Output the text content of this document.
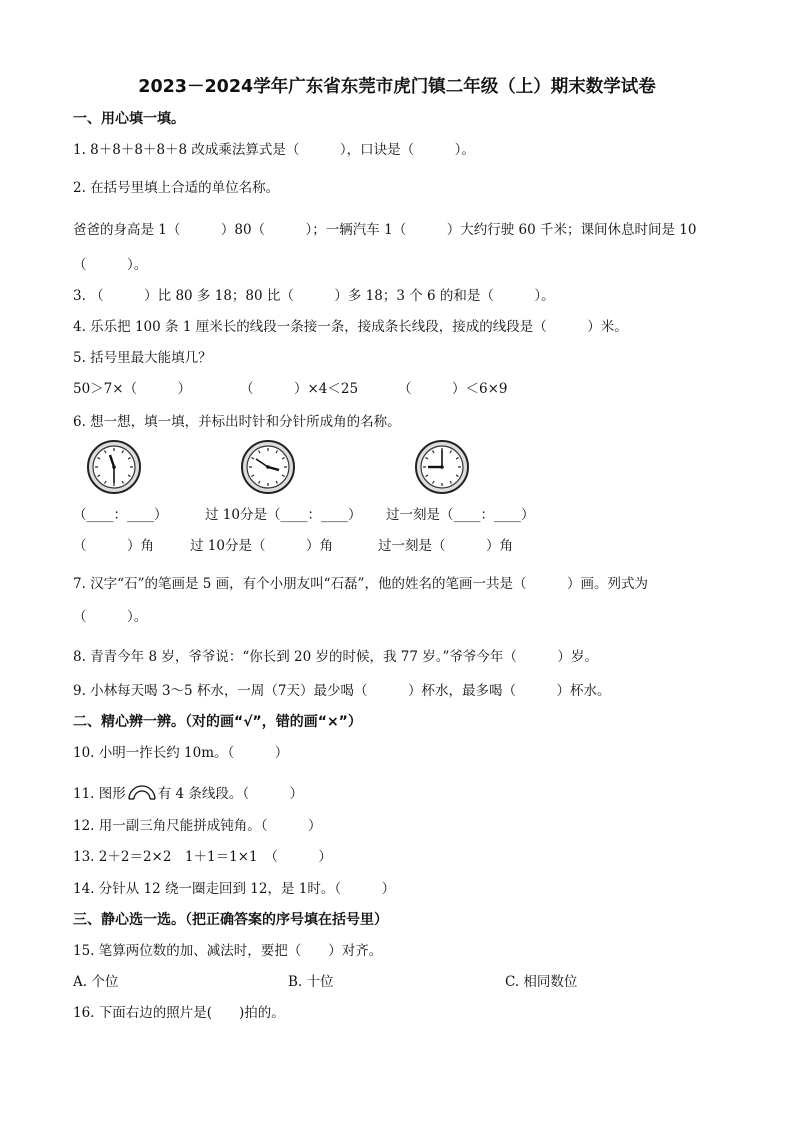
2023－2024学年广东省东莞市虎门镇二年级（上）期末数学试卷
一、用心填一填。
1. 8＋8＋8＋8＋8 改成乘法算式是（　　　），口诀是（　　　）。
2. 在括号里填上合适的单位名称。
爸爸的身高是 1（　　　）80（　　　）；一辆汽车 1（　　　）大约行驶 60 千米；课间休息时间是 10
（　　　）。
3. （　　　）比 80 多 18；80 比（　　　）多 18；3 个 6 的和是（　　　）。
4. 乐乐把 100 条 1 厘米长的线段一条接一条，接成条长线段，接成的线段是（　　　）米。
5. 括号里最大能填几？
50＞7×（　　　）	（　　　）×4＜25	（　　　）＜6×9
6. 想一想，填一填，并标出时针和分针所成角的名称。
（____：____）	过 10分是（____：____） 过一刻是（____：____）
（　　　）角	过 10分是（　　　）角	过一刻是（　　　）角
7. 汉字“石”的笔画是 5 画，有个小朋友叫“石磊”，他的姓名的笔画一共是（　　　）画。列式为
（　　　）。
8. 青青今年 8 岁，爷爷说：“你长到 20 岁的时候，我 77 岁。”爷爷今年（　　　）岁。
9. 小林每天喝 3～5 杯水，一周（7天）最少喝（　　　）杯水，最多喝（　　　）杯水。
二、精心辨一辨。（对的画“√”，错的画“×”）
10. 小明一拃长约 10m。（　　　）
11. 图形 有 4 条线段。（　　　）
12. 用一副三角尺能拼成钝角。（　　　）
13. 2＋2＝2×2　1＋1＝1×1　（　　　）
14. 分针从 12 绕一圈走回到 12，是 1时。（　　　）
三、静心选一选。（把正确答案的序号填在括号里）
15. 笔算两位数的加、减法时，要把（　　）对齐。
A. 个位	B. 十位	C. 相同数位
16. 下面右边的照片是(　　)拍的。
